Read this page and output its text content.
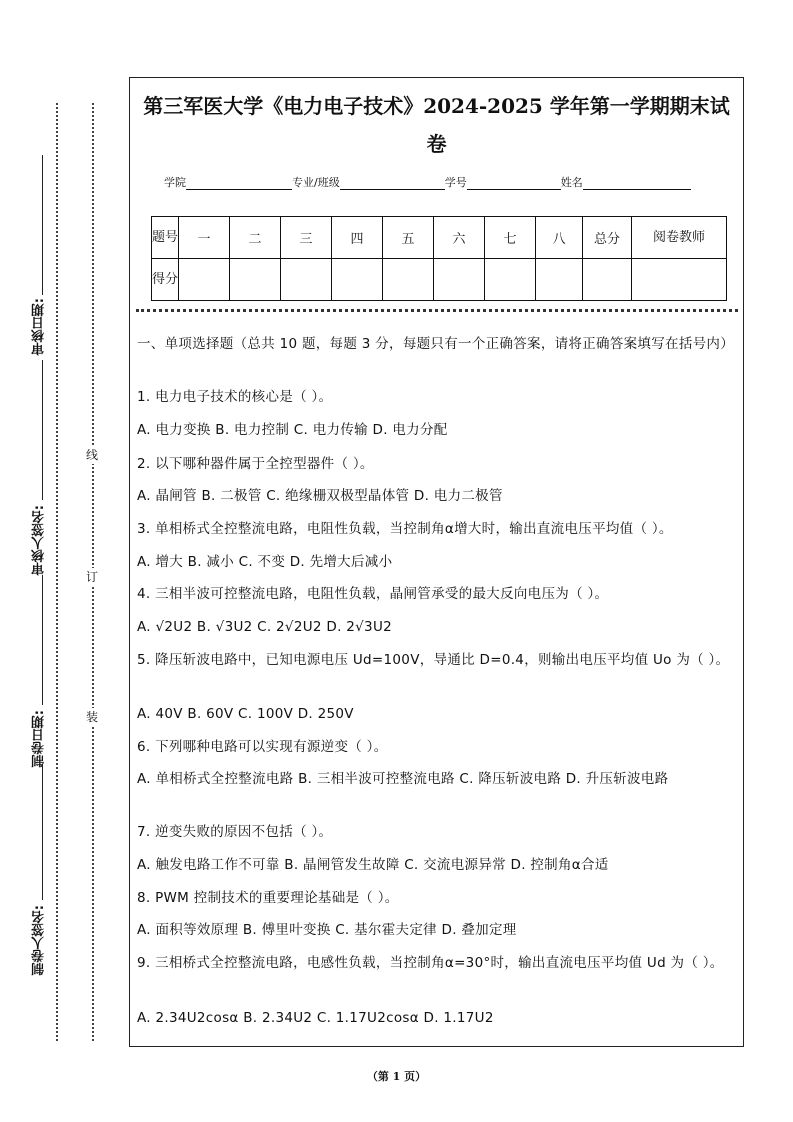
审核日期:
审核人签名:
制卷日期:
制卷人签名:
线
订
装
第三军医大学《电力电子技术》2024-2025 学年第一学期期末试
卷
学院	专业/班级	学号	姓名
题号	一	二	三	四	五	六	七	八	总分	阅卷教师
得分										
一、单项选择题（总共 10 题，每题 3 分，每题只有一个正确答案，请将正确答案填写在括号内）
1. 电力电子技术的核心是（ ）。
A. 电力变换 B. 电力控制 C. 电力传输 D. 电力分配
2. 以下哪种器件属于全控型器件（ ）。
A. 晶闸管 B. 二极管 C. 绝缘栅双极型晶体管 D. 电力二极管
3. 单相桥式全控整流电路，电阻性负载，当控制角α增大时，输出直流电压平均值（ ）。
A. 增大 B. 减小 C. 不变 D. 先增大后减小
4. 三相半波可控整流电路，电阻性负载，晶闸管承受的最大反向电压为（ ）。
A. √2U2 B. √3U2 C. 2√2U2 D. 2√3U2
5. 降压斩波电路中，已知电源电压 Ud=100V，导通比 D=0.4，则输出电压平均值 Uo 为（ ）。
A. 40V B. 60V C. 100V D. 250V
6. 下列哪种电路可以实现有源逆变（ ）。
A. 单相桥式全控整流电路 B. 三相半波可控整流电路 C. 降压斩波电路 D. 升压斩波电路
7. 逆变失败的原因不包括（ ）。
A. 触发电路工作不可靠 B. 晶闸管发生故障 C. 交流电源异常 D. 控制角α合适
8. PWM 控制技术的重要理论基础是（ ）。
A. 面积等效原理 B. 傅里叶变换 C. 基尔霍夫定律 D. 叠加定理
9. 三相桥式全控整流电路，电感性负载，当控制角α=30°时，输出直流电压平均值 Ud 为（ ）。
A. 2.34U2cosα B. 2.34U2 C. 1.17U2cosα D. 1.17U2
（第 1 页）
